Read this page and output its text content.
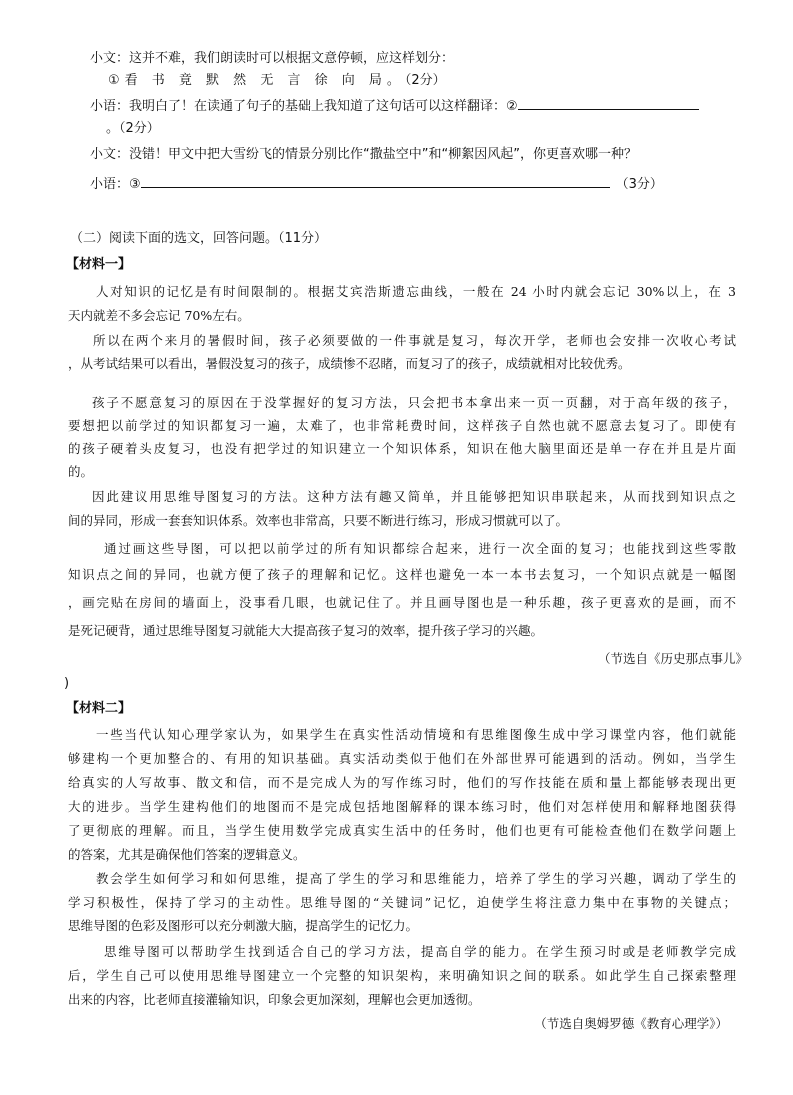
小文：这并不难，我们朗读时可以根据文意停顿，应这样划分：
①看 书 竟 默 然 无 言 徐 向 局。（2分）
小语：我明白了！在读通了句子的基础上我知道了这句话可以这样翻译：②
。（2分）
小文：没错！甲文中把大雪纷飞的情景分别比作“撒盐空中”和“柳絮因风起”，你更喜欢哪一种？
小语：③	（3分）
（二）阅读下面的选文，回答问题。（11分）
【材料一】
人对知识的记忆是有时间限制的。根据艾宾浩斯遗忘曲线，一般在 24 小时内就会忘记 30%以上，在 3
天内就差不多会忘记 70%左右。
所以在两个来月的暑假时间，孩子必须要做的一件事就是复习，每次开学，老师也会安排一次收心考试
，从考试结果可以看出，暑假没复习的孩子，成绩惨不忍睹，而复习了的孩子，成绩就相对比较优秀。
孩子不愿意复习的原因在于没掌握好的复习方法，只会把书本拿出来一页一页翻，对于高年级的孩子，
要想把以前学过的知识都复习一遍，太难了，也非常耗费时间，这样孩子自然也就不愿意去复习了。即使有
的孩子硬着头皮复习，也没有把学过的知识建立一个知识体系，知识在他大脑里面还是单一存在并且是片面
的。
因此建议用思维导图复习的方法。这种方法有趣又简单，并且能够把知识串联起来，从而找到知识点之
间的异同，形成一套套知识体系。效率也非常高，只要不断进行练习，形成习惯就可以了。
通过画这些导图，可以把以前学过的所有知识都综合起来，进行一次全面的复习；也能找到这些零散
知识点之间的异同，也就方便了孩子的理解和记忆。这样也避免一本一本书去复习，一个知识点就是一幅图
，画完贴在房间的墙面上，没事看几眼，也就记住了。并且画导图也是一种乐趣，孩子更喜欢的是画，而不
是死记硬背，通过思维导图复习就能大大提高孩子复习的效率，提升孩子学习的兴趣。
（节选自《历史那点事儿》
)
【材料二】
一些当代认知心理学家认为，如果学生在真实性活动情境和有思维图像生成中学习课堂内容，他们就能
够建构一个更加整合的、有用的知识基础。真实活动类似于他们在外部世界可能遇到的活动。例如，当学生
给真实的人写故事、散文和信，而不是完成人为的写作练习时，他们的写作技能在质和量上都能够表现出更
大的进步。当学生建构他们的地图而不是完成包括地图解释的课本练习时，他们对怎样使用和解释地图获得
了更彻底的理解。而且，当学生使用数学完成真实生活中的任务时，他们也更有可能检查他们在数学问题上
的答案，尤其是确保他们答案的逻辑意义。
教会学生如何学习和如何思维，提高了学生的学习和思维能力，培养了学生的学习兴趣，调动了学生的
学习积极性，保持了学习的主动性。思维导图的“关键词”记忆，迫使学生将注意力集中在事物的关键点；
思维导图的色彩及图形可以充分刺激大脑，提高学生的记忆力。
思维导图可以帮助学生找到适合自己的学习方法，提高自学的能力。在学生预习时或是老师教学完成
后，学生自己可以使用思维导图建立一个完整的知识架构，来明确知识之间的联系。如此学生自己探索整理
出来的内容，比老师直接灌输知识，印象会更加深刻，理解也会更加透彻。
（节选自奥姆罗德《教育心理学》）
